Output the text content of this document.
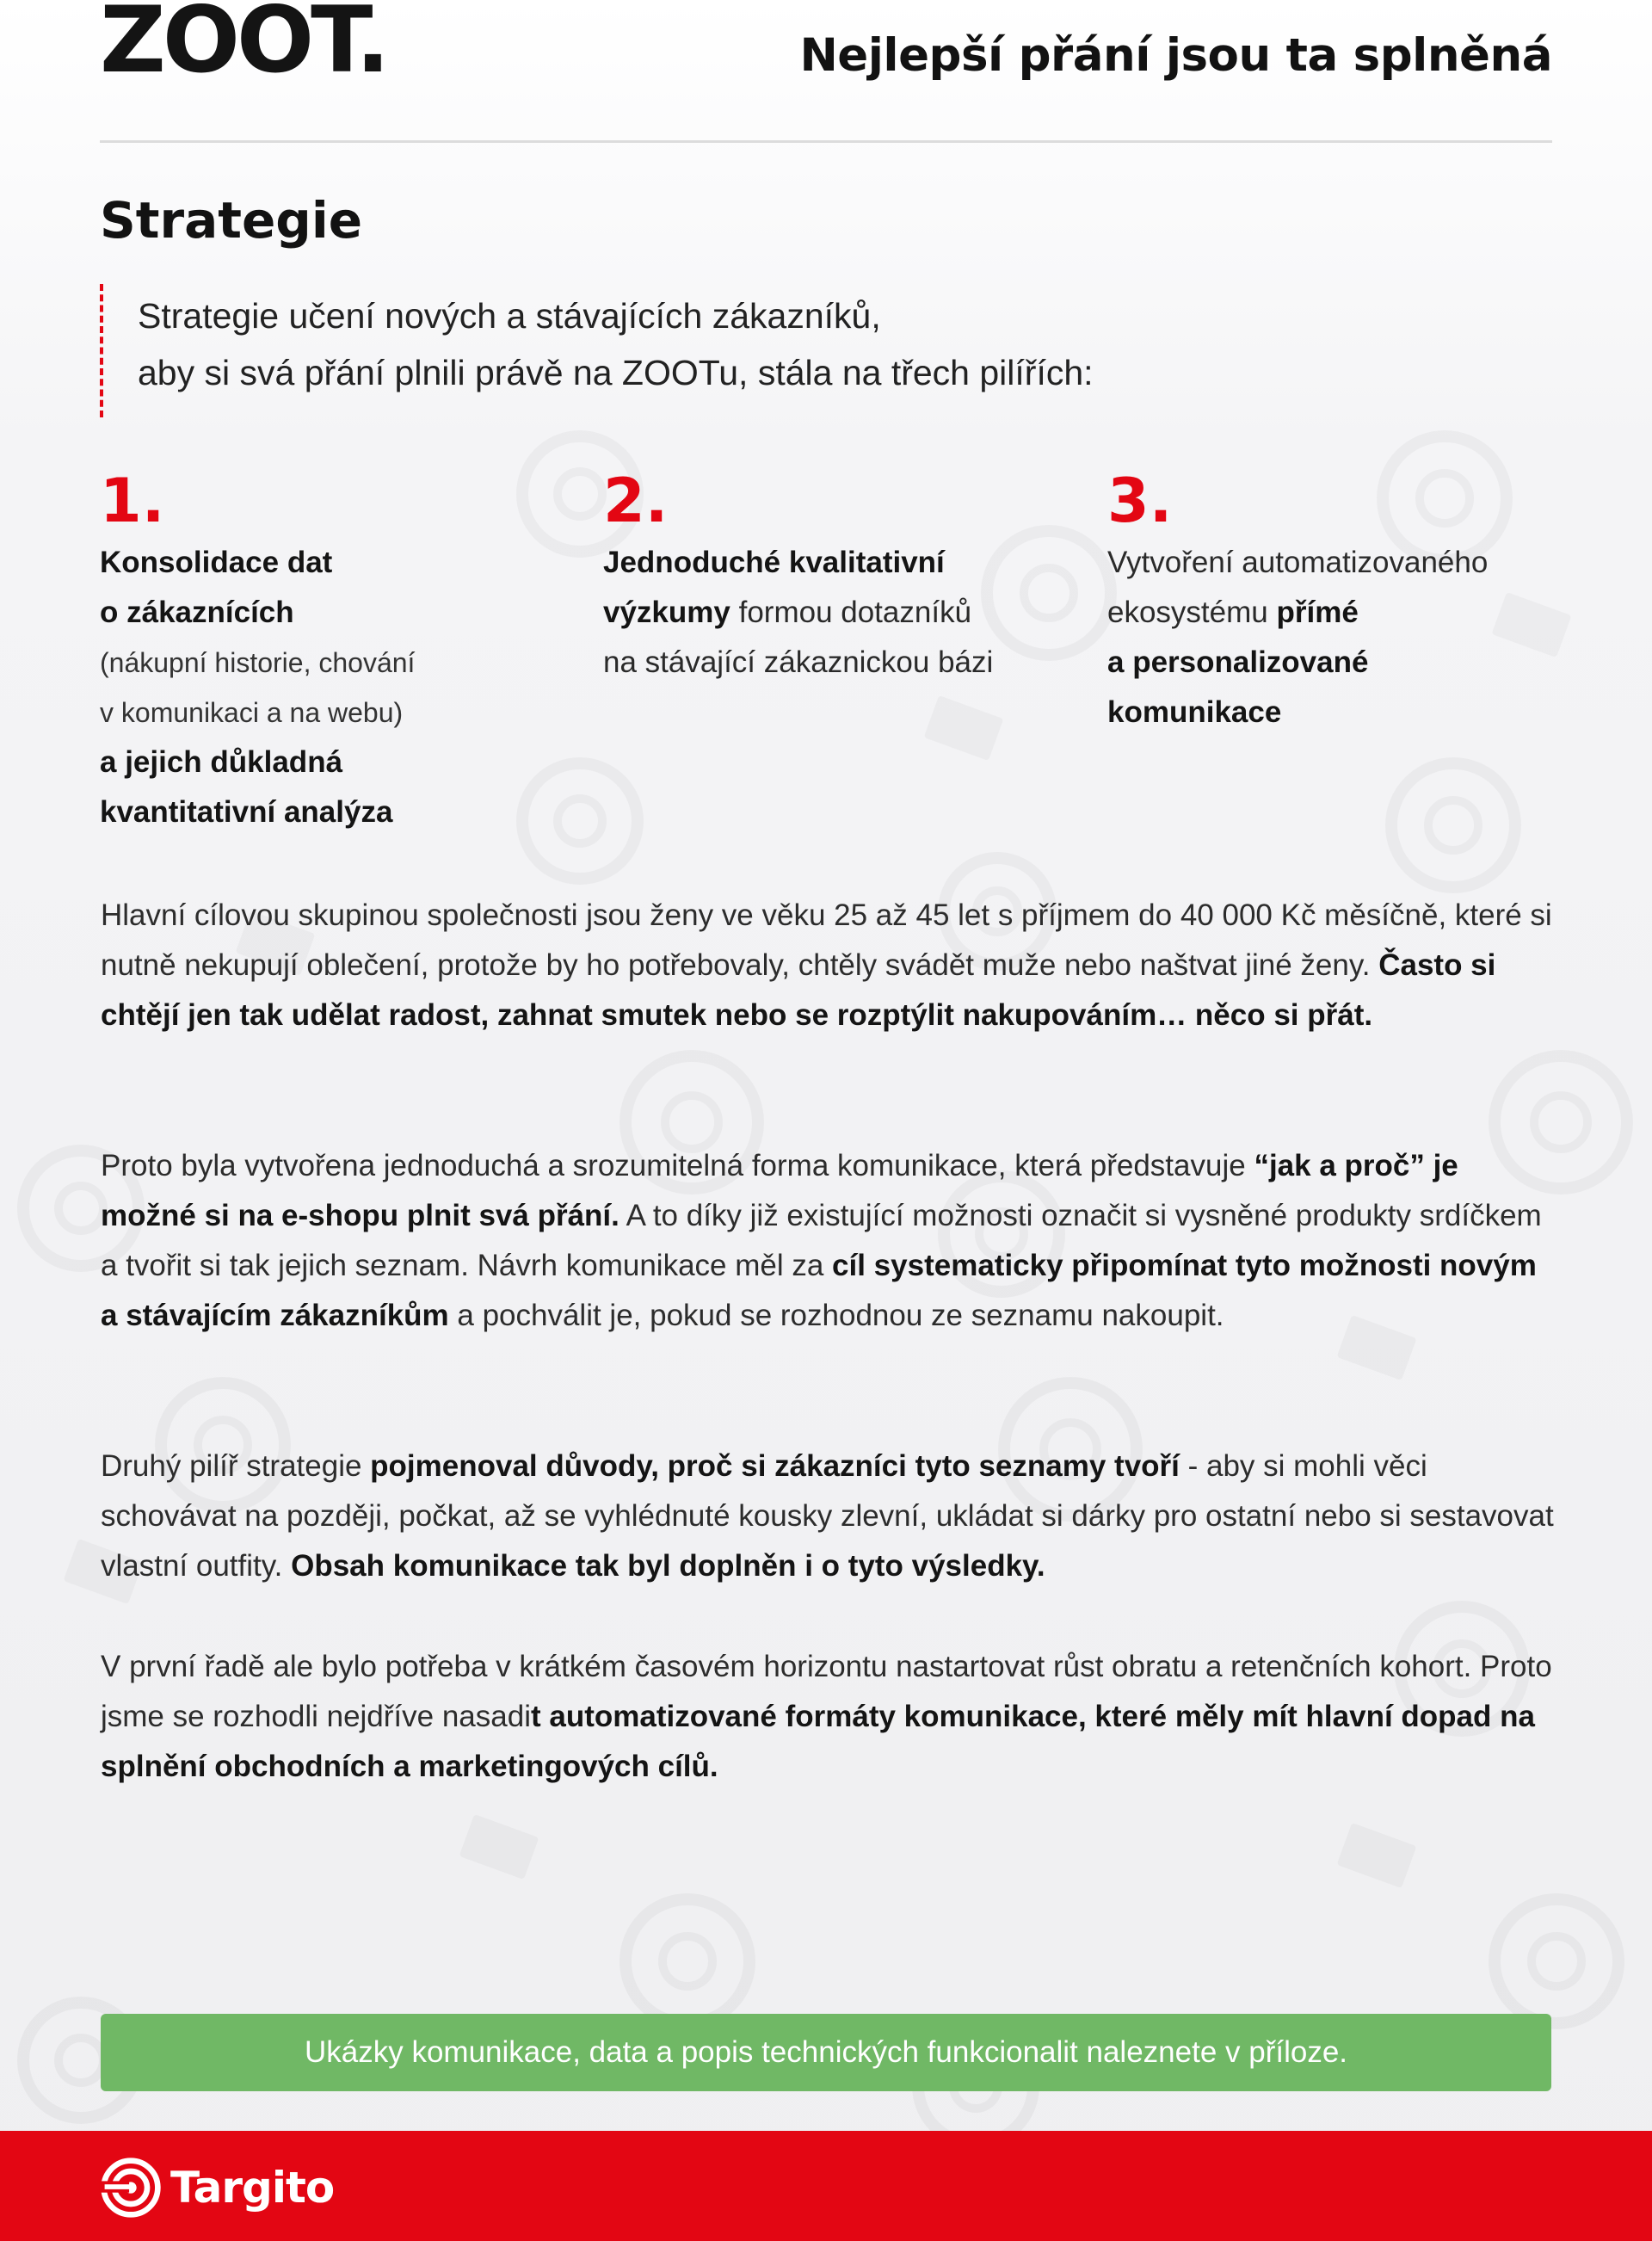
ZOOT.	Nejlepší přání jsou ta splněná
Strategie
Strategie učení nových a stávajících zákazníků,
aby si svá přání plnili právě na ZOOTu, stála na třech pilířích:
1.
Konsolidace dat
o zákaznících
(nákupní historie, chování
v komunikaci a na webu)
a jejich důkladná
kvantitativní analýza
2.
Jednoduché kvalitativní
výzkumy formou dotazníků
na stávající zákaznickou bázi
3.
Vytvoření automatizovaného
ekosystému přímé
a personalizované
komunikace

Hlavní cílovou skupinou společnosti jsou ženy ve věku 25 až 45 let s příjmem do 40 000 Kč měsíčně, které si nutně nekupují oblečení, protože by ho potřebovaly, chtěly svádět muže nebo naštvat jiné ženy. Často si chtějí jen tak udělat radost, zahnat smutek nebo se rozptýlit nakupováním… něco si přát.

Proto byla vytvořena jednoduchá a srozumitelná forma komunikace, která představuje “jak a proč” je možné si na e-shopu plnit svá přání. A to díky již existující možnosti označit si vysněné produkty srdíčkem a tvořit si tak jejich seznam. Návrh komunikace měl za cíl systematicky připomínat tyto možnosti novým a stávajícím zákazníkům a pochválit je, pokud se rozhodnou ze seznamu nakoupit.

Druhý pilíř strategie pojmenoval důvody, proč si zákazníci tyto seznamy tvoří - aby si mohli věci schovávat na později, počkat, až se vyhlédnuté kousky zlevní, ukládat si dárky pro ostatní nebo si sestavovat vlastní outfity. Obsah komunikace tak byl doplněn i o tyto výsledky.

V první řadě ale bylo potřeba v krátkém časovém horizontu nastartovat růst obratu a retenčních kohort. Proto jsme se rozhodli nejdříve nasadit automatizované formáty komunikace, které měly mít hlavní dopad na splnění obchodních a marketingových cílů.

Ukázky komunikace, data a popis technických funkcionalit naleznete v příloze.
Targito
